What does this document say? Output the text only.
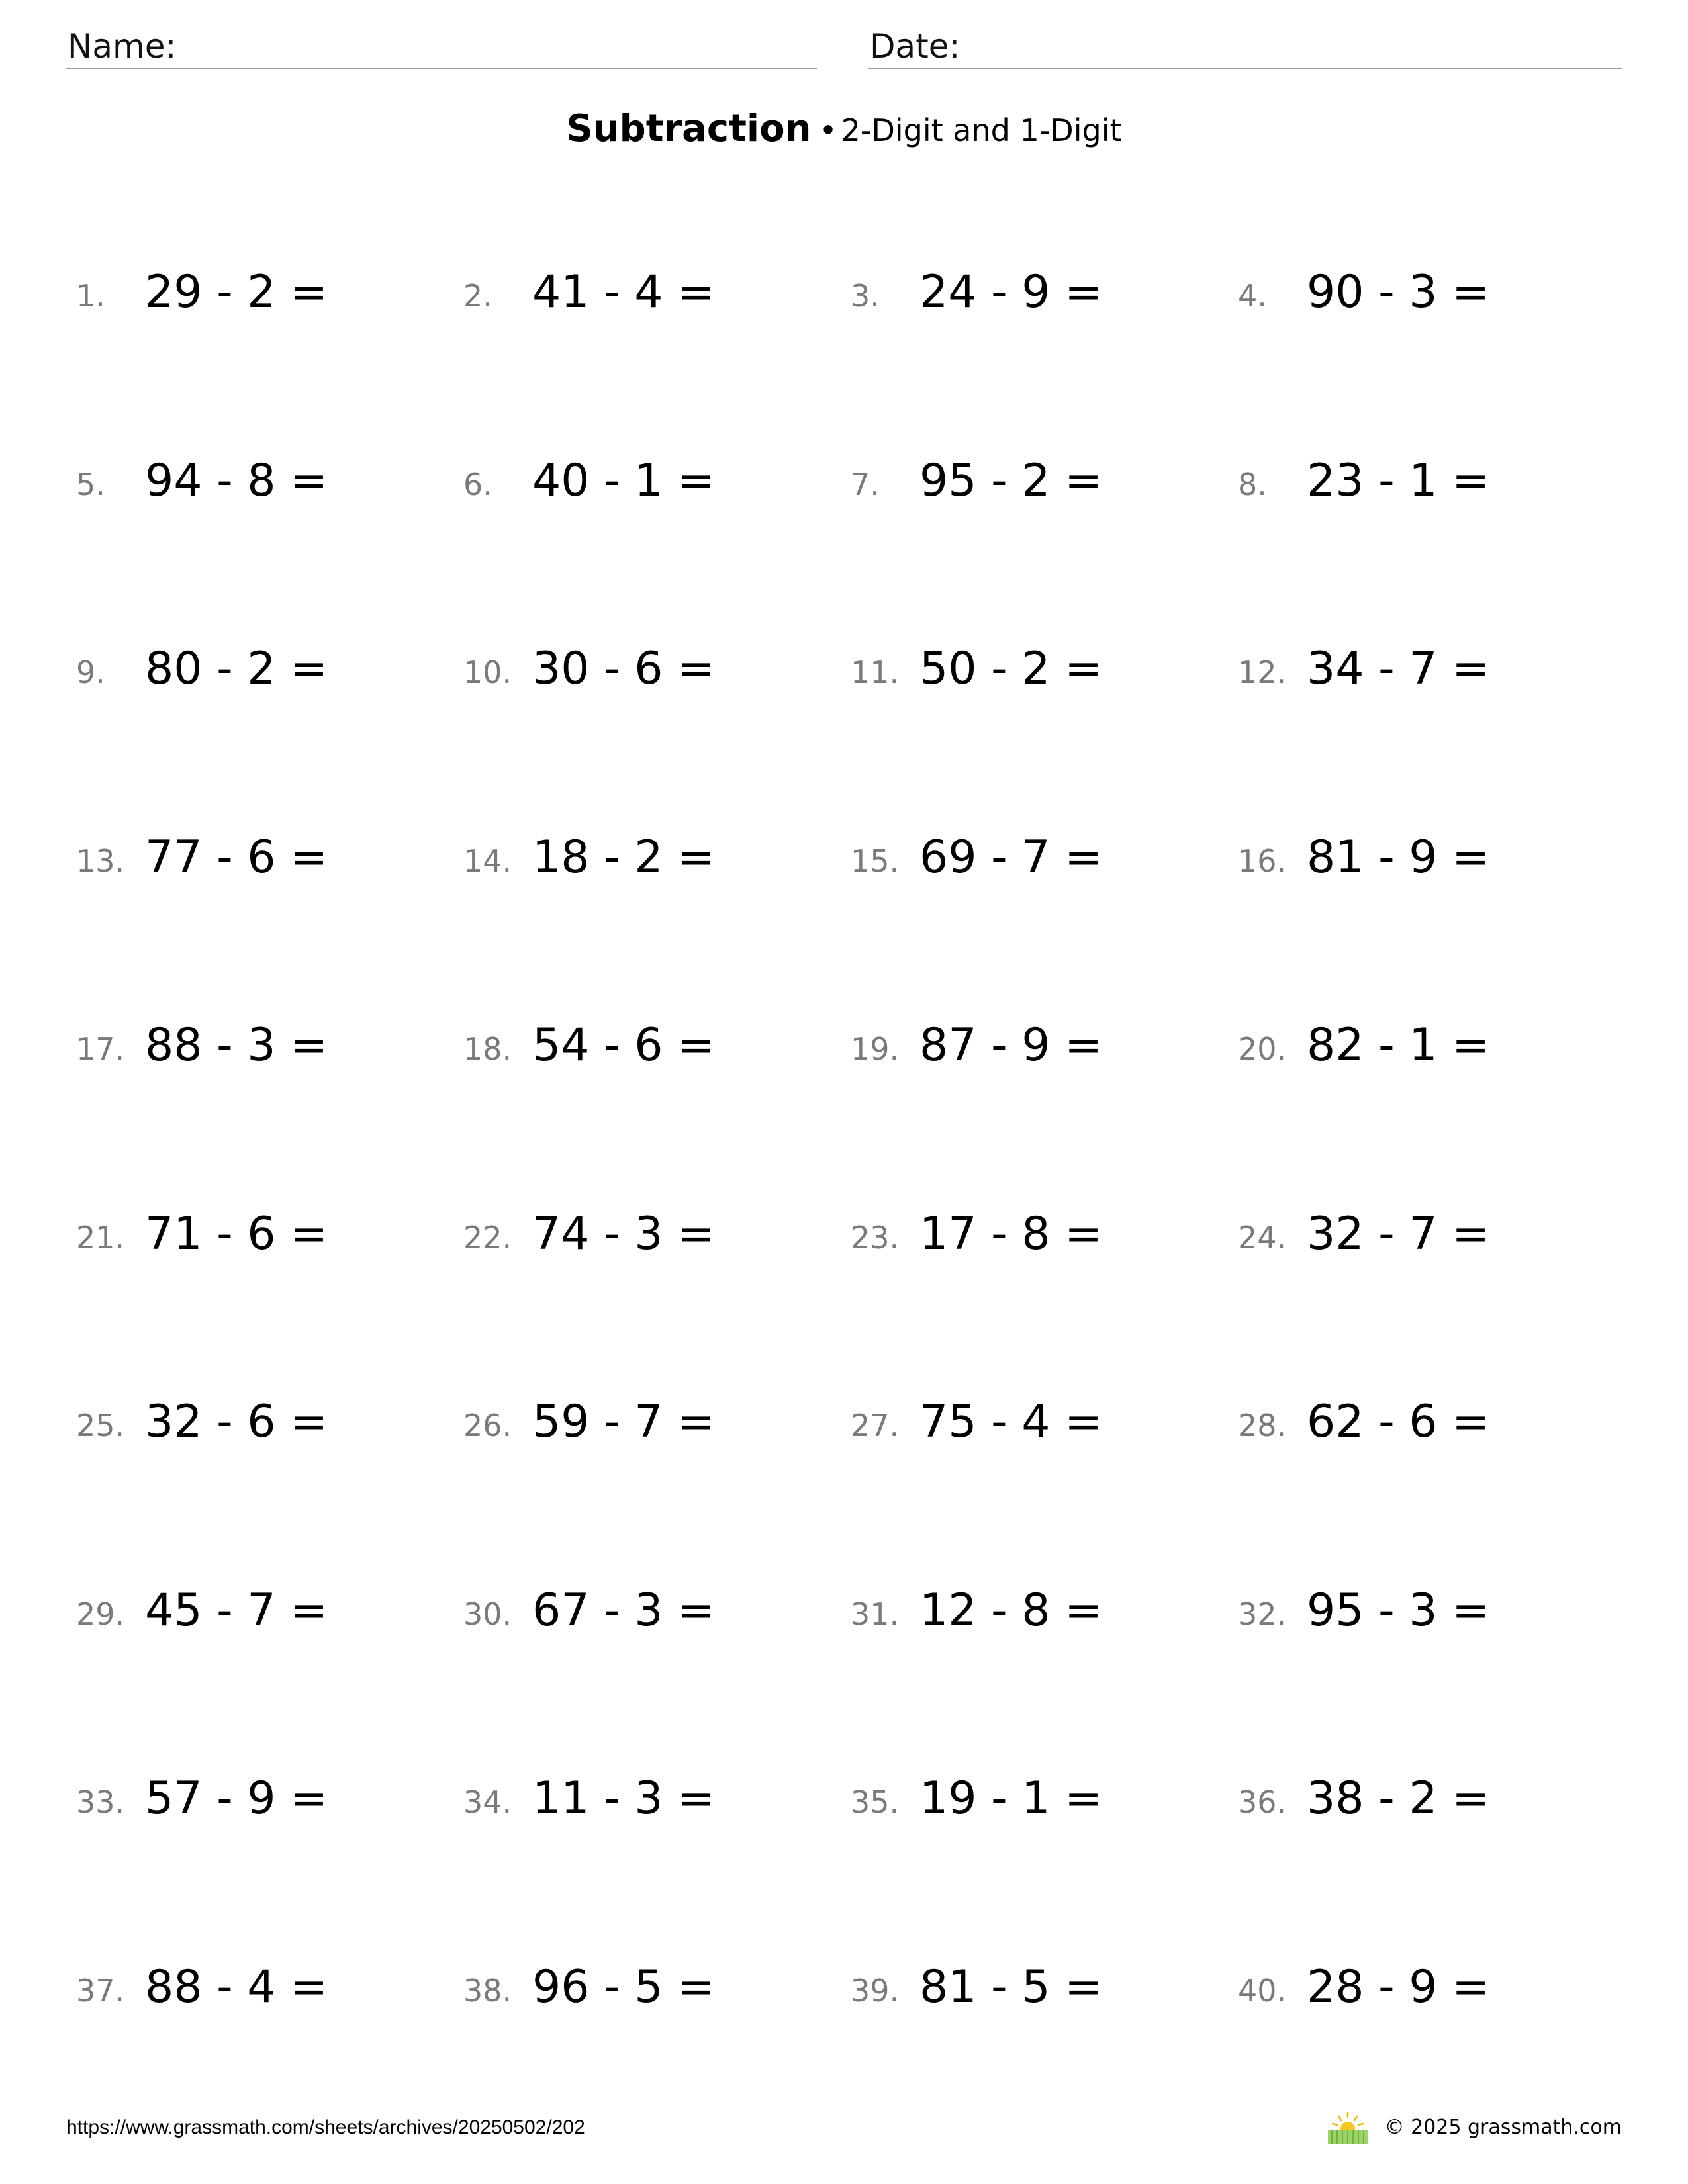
Name:	Date:
Subtraction • 2-Digit and 1-Digit
1. 29 - 2 =	2. 41 - 4 =	3. 24 - 9 =	4. 90 - 3 =
5. 94 - 8 =	6. 40 - 1 =	7. 95 - 2 =	8. 23 - 1 =
9. 80 - 2 =	10. 30 - 6 =	11. 50 - 2 =	12. 34 - 7 =
13. 77 - 6 =	14. 18 - 2 =	15. 69 - 7 =	16. 81 - 9 =
17. 88 - 3 =	18. 54 - 6 =	19. 87 - 9 =	20. 82 - 1 =
21. 71 - 6 =	22. 74 - 3 =	23. 17 - 8 =	24. 32 - 7 =
25. 32 - 6 =	26. 59 - 7 =	27. 75 - 4 =	28. 62 - 6 =
29. 45 - 7 =	30. 67 - 3 =	31. 12 - 8 =	32. 95 - 3 =
33. 57 - 9 =	34. 11 - 3 =	35. 19 - 1 =	36. 38 - 2 =
37. 88 - 4 =	38. 96 - 5 =	39. 81 - 5 =	40. 28 - 9 =
https://www.grassmath.com/sheets/archives/20250502/202	© 2025 grassmath.com
